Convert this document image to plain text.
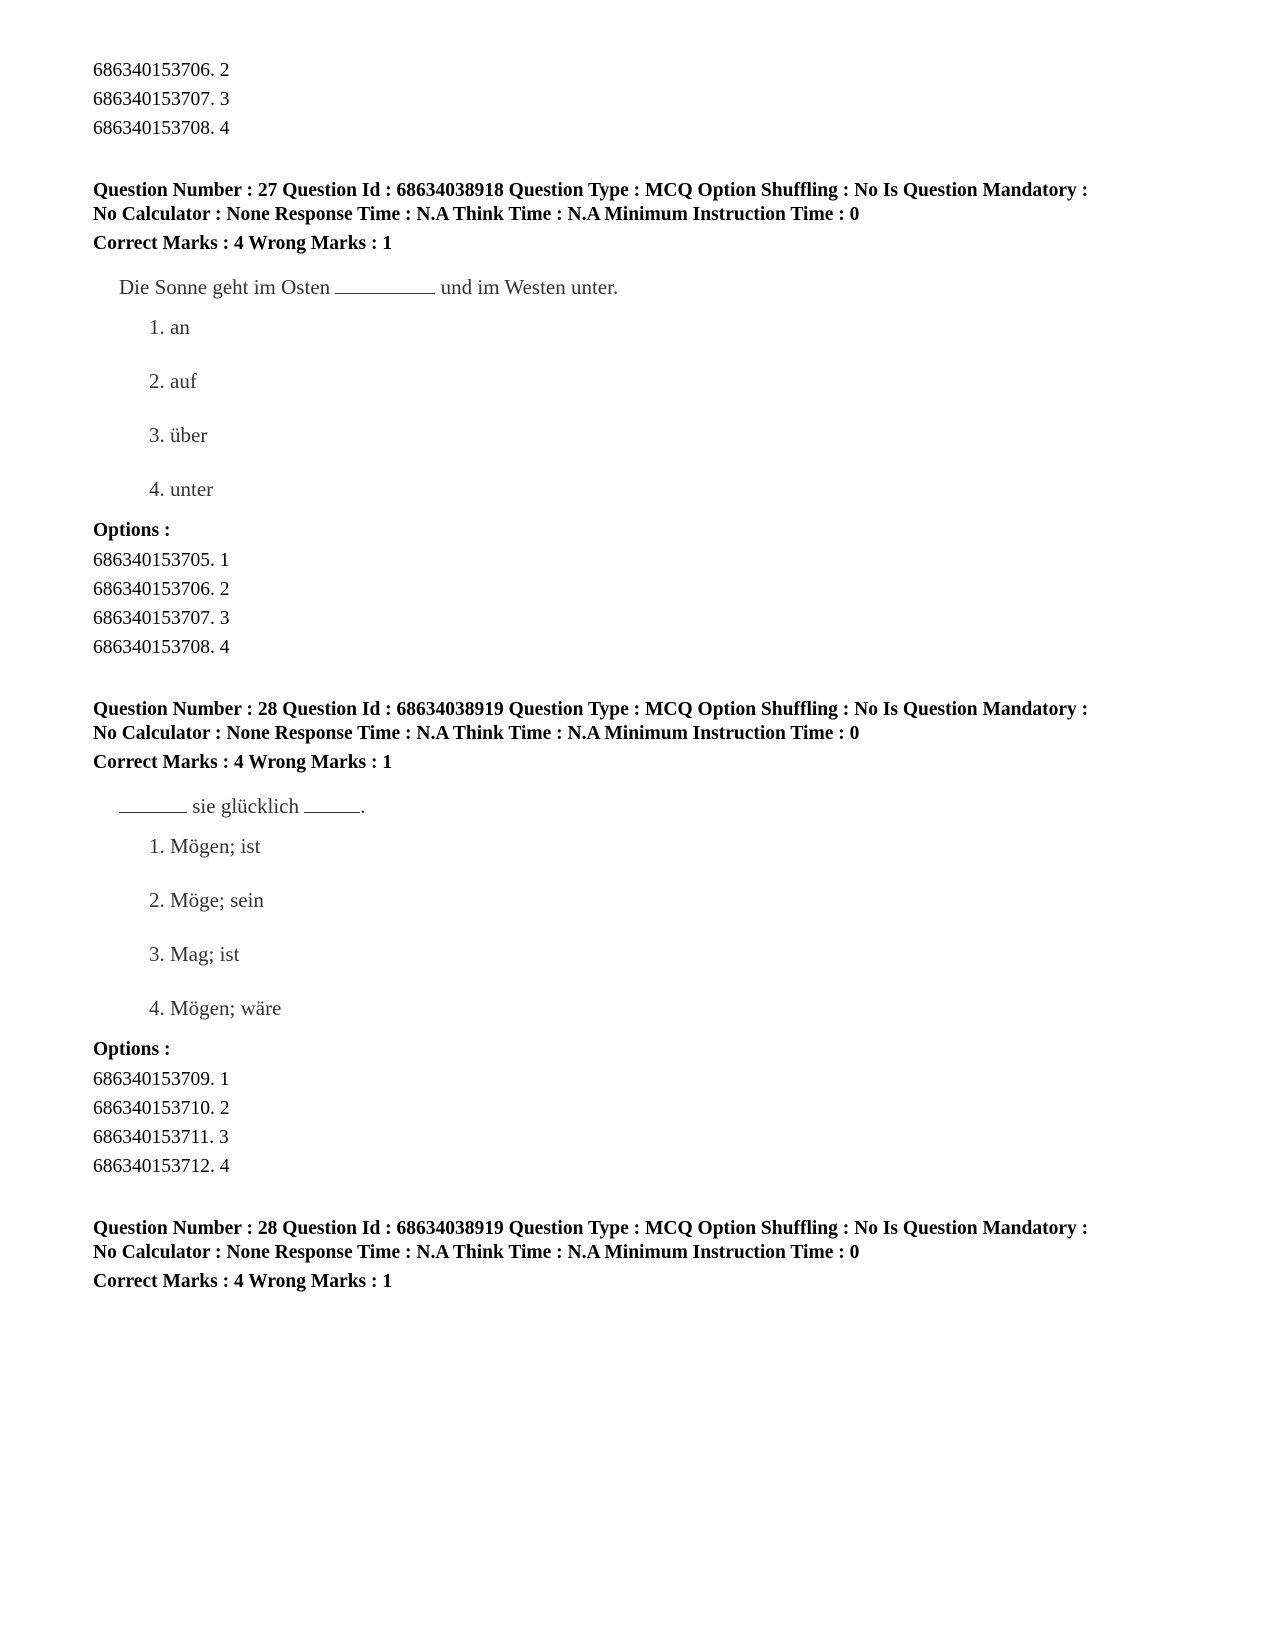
686340153706. 2
686340153707. 3
686340153708. 4
Question Number : 27 Question Id : 68634038918 Question Type : MCQ Option Shuffling : No Is Question Mandatory :
No Calculator : None Response Time : N.A Think Time : N.A Minimum Instruction Time : 0
Correct Marks : 4 Wrong Marks : 1
Die Sonne geht im Osten	und im Westen unter.
1. an
2. auf
3. über
4. unter
Options :
686340153705. 1
686340153706. 2
686340153707. 3
686340153708. 4
Question Number : 28 Question Id : 68634038919 Question Type : MCQ Option Shuffling : No Is Question Mandatory :
No Calculator : None Response Time : N.A Think Time : N.A Minimum Instruction Time : 0
Correct Marks : 4 Wrong Marks : 1
sie glücklich	.
1. Mögen; ist
2. Möge; sein
3. Mag; ist
4. Mögen; wäre
Options :
686340153709. 1
686340153710. 2
686340153711. 3
686340153712. 4
Question Number : 28 Question Id : 68634038919 Question Type : MCQ Option Shuffling : No Is Question Mandatory :
No Calculator : None Response Time : N.A Think Time : N.A Minimum Instruction Time : 0
Correct Marks : 4 Wrong Marks : 1
